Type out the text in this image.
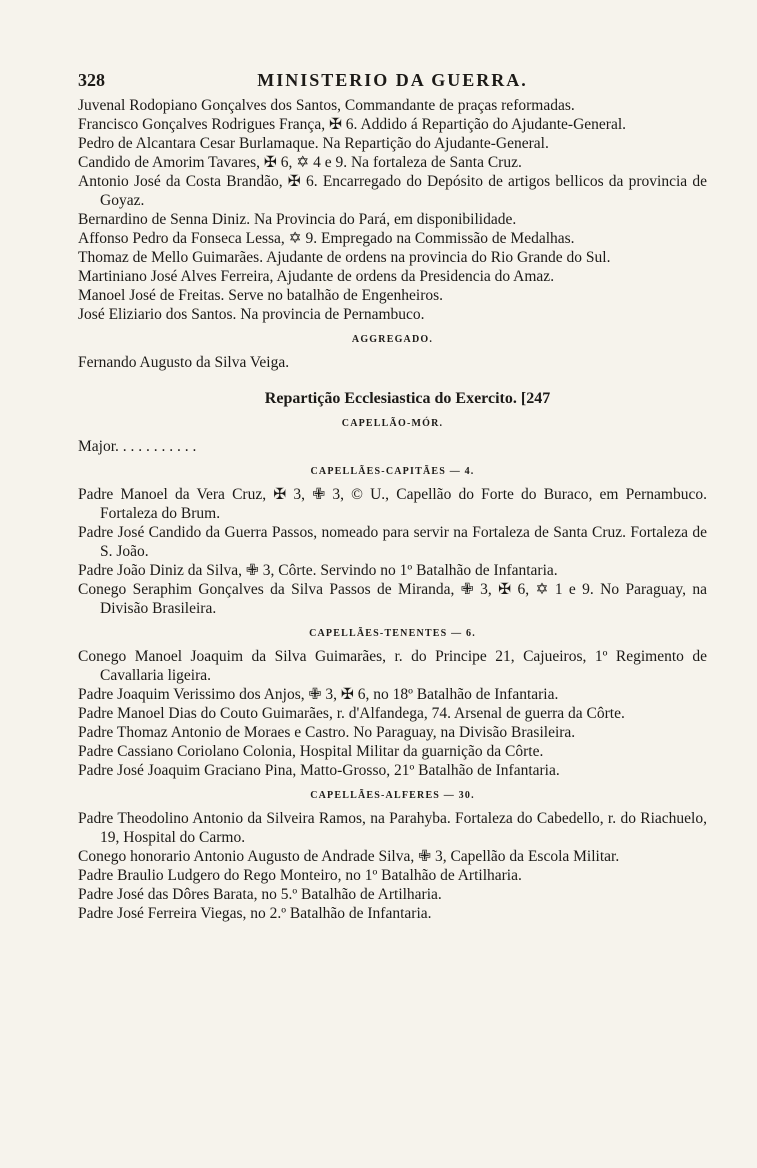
328	MINISTERIO DA GUERRA.
Juvenal Rodopiano Gonçalves dos Santos, Commandante de praças reformadas.
Francisco Gonçalves Rodrigues França, ✠ 6. Addido á Repartição do Ajudante-General.
Pedro de Alcantara Cesar Burlamaque. Na Repartição do Ajudante-General.
Candido de Amorim Tavares, ✠ 6, ✡ 4 e 9. Na fortaleza de Santa Cruz.
Antonio José da Costa Brandão, ✠ 6. Encarregado do Depósito de artigos bellicos da provincia de Goyaz.
Bernardino de Senna Diniz. Na Provincia do Pará, em disponibilidade.
Affonso Pedro da Fonseca Lessa, ✡ 9. Empregado na Commissão de Medalhas.
Thomaz de Mello Guimarães. Ajudante de ordens na provincia do Rio Grande do Sul.
Martiniano José Alves Ferreira, Ajudante de ordens da Presidencia do Amaz.
Manoel José de Freitas. Serve no batalhão de Engenheiros.
José Eliziario dos Santos. Na provincia de Pernambuco.
AGGREGADO.
Fernando Augusto da Silva Veiga.
Repartição Ecclesiastica do Exercito. [247
CAPELLÃO-MÓR.
Major. . . . . . . . . . .
CAPELLÃES-CAPITÃES — 4.
Padre Manoel da Vera Cruz, ✠ 3, ✙ 3, © U., Capellão do Forte do Buraco, em Pernambuco. Fortaleza do Brum.
Padre José Candido da Guerra Passos, nomeado para servir na Fortaleza de Santa Cruz. Fortaleza de S. João.
Padre João Diniz da Silva, ✙ 3, Côrte. Servindo no 1º Batalhão de Infantaria.
Conego Seraphim Gonçalves da Silva Passos de Miranda, ✙ 3, ✠ 6, ✡ 1 e 9. No Paraguay, na Divisão Brasileira.
CAPELLÃES-TENENTES — 6.
Conego Manoel Joaquim da Silva Guimarães, r. do Principe 21, Cajueiros, 1º Regimento de Cavallaria ligeira.
Padre Joaquim Verissimo dos Anjos, ✙ 3, ✠ 6, no 18º Batalhão de Infantaria.
Padre Manoel Dias do Couto Guimarães, r. d'Alfandega, 74. Arsenal de guerra da Côrte.
Padre Thomaz Antonio de Moraes e Castro. No Paraguay, na Divisão Brasileira.
Padre Cassiano Coriolano Colonia, Hospital Militar da guarnição da Côrte.
Padre José Joaquim Graciano Pina, Matto-Grosso, 21º Batalhão de Infantaria.
CAPELLÃES-ALFERES — 30.
Padre Theodolino Antonio da Silveira Ramos, na Parahyba. Fortaleza do Cabedello, r. do Riachuelo, 19, Hospital do Carmo.
Conego honorario Antonio Augusto de Andrade Silva, ✙ 3, Capellão da Escola Militar.
Padre Braulio Ludgero do Rego Monteiro, no 1º Batalhão de Artilharia.
Padre José das Dôres Barata, no 5.º Batalhão de Artilharia.
Padre José Ferreira Viegas, no 2.º Batalhão de Infantaria.
